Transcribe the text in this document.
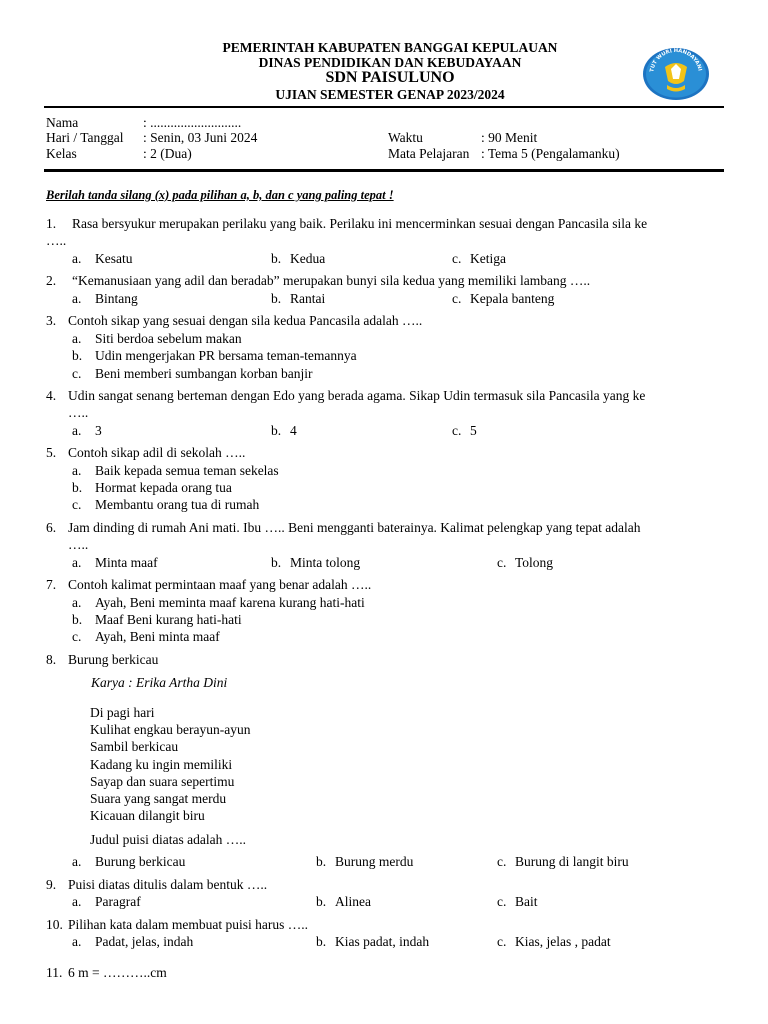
PEMERINTAH KABUPATEN BANGGAI KEPULAUAN
DINAS PENDIDIKAN DAN KEBUDAYAAN
SDN PAISULUNO
UJIAN SEMESTER GENAP 2023/2024
TUT WURI HANDAYANI
Nama	: ...........................
Hari / Tanggal : Senin, 03 Juni 2024
Kelas	: 2 (Dua)
Waktu	: 90 Menit
Mata Pelajaran : Tema 5 (Pengalamanku)
Berilah tanda silang (x) pada pilihan a, b, dan c yang paling tepat !
1. Rasa bersyukur merupakan perilaku yang baik. Perilaku ini mencerminkan sesuai dengan Pancasila sila ke
…..
a. Kesatu	b. Kedua	c. Ketiga
2. “Kemanusiaan yang adil dan beradab” merupakan bunyi sila kedua yang memiliki lambang …..
a. Bintang	b. Rantai	c. Kepala banteng
3. Contoh sikap yang sesuai dengan sila kedua Pancasila adalah …..
a. Siti berdoa sebelum makan
b. Udin mengerjakan PR bersama teman-temannya
c. Beni memberi sumbangan korban banjir
4. Udin sangat senang berteman dengan Edo yang berada agama. Sikap Udin termasuk sila Pancasila yang ke
…..
a. 3	b. 4	c. 5
5. Contoh sikap adil di sekolah …..
a. Baik kepada semua teman sekelas
b. Hormat kepada orang tua
c. Membantu orang tua di rumah
6. Jam dinding di rumah Ani mati. Ibu ….. Beni mengganti baterainya. Kalimat pelengkap yang tepat adalah
…..
a. Minta maaf	b. Minta tolong	c. Tolong
7. Contoh kalimat permintaan maaf yang benar adalah …..
a. Ayah, Beni meminta maaf karena kurang hati-hati
b. Maaf Beni kurang hati-hati
c. Ayah, Beni minta maaf
8. Burung berkicau
Karya : Erika Artha Dini
Di pagi hari
Kulihat engkau berayun-ayun
Sambil berkicau
Kadang ku ingin memiliki
Sayap dan suara sepertimu
Suara yang sangat merdu
Kicauan dilangit biru
Judul puisi diatas adalah …..
a. Burung berkicau	b. Burung merdu	c. Burung di langit biru
9. Puisi diatas ditulis dalam bentuk …..
a. Paragraf	b. Alinea	c. Bait
10. Pilihan kata dalam membuat puisi harus …..
a. Padat, jelas, indah	b. Kias padat, indah	c. Kias, jelas , padat
11. 6 m = ………..cm
